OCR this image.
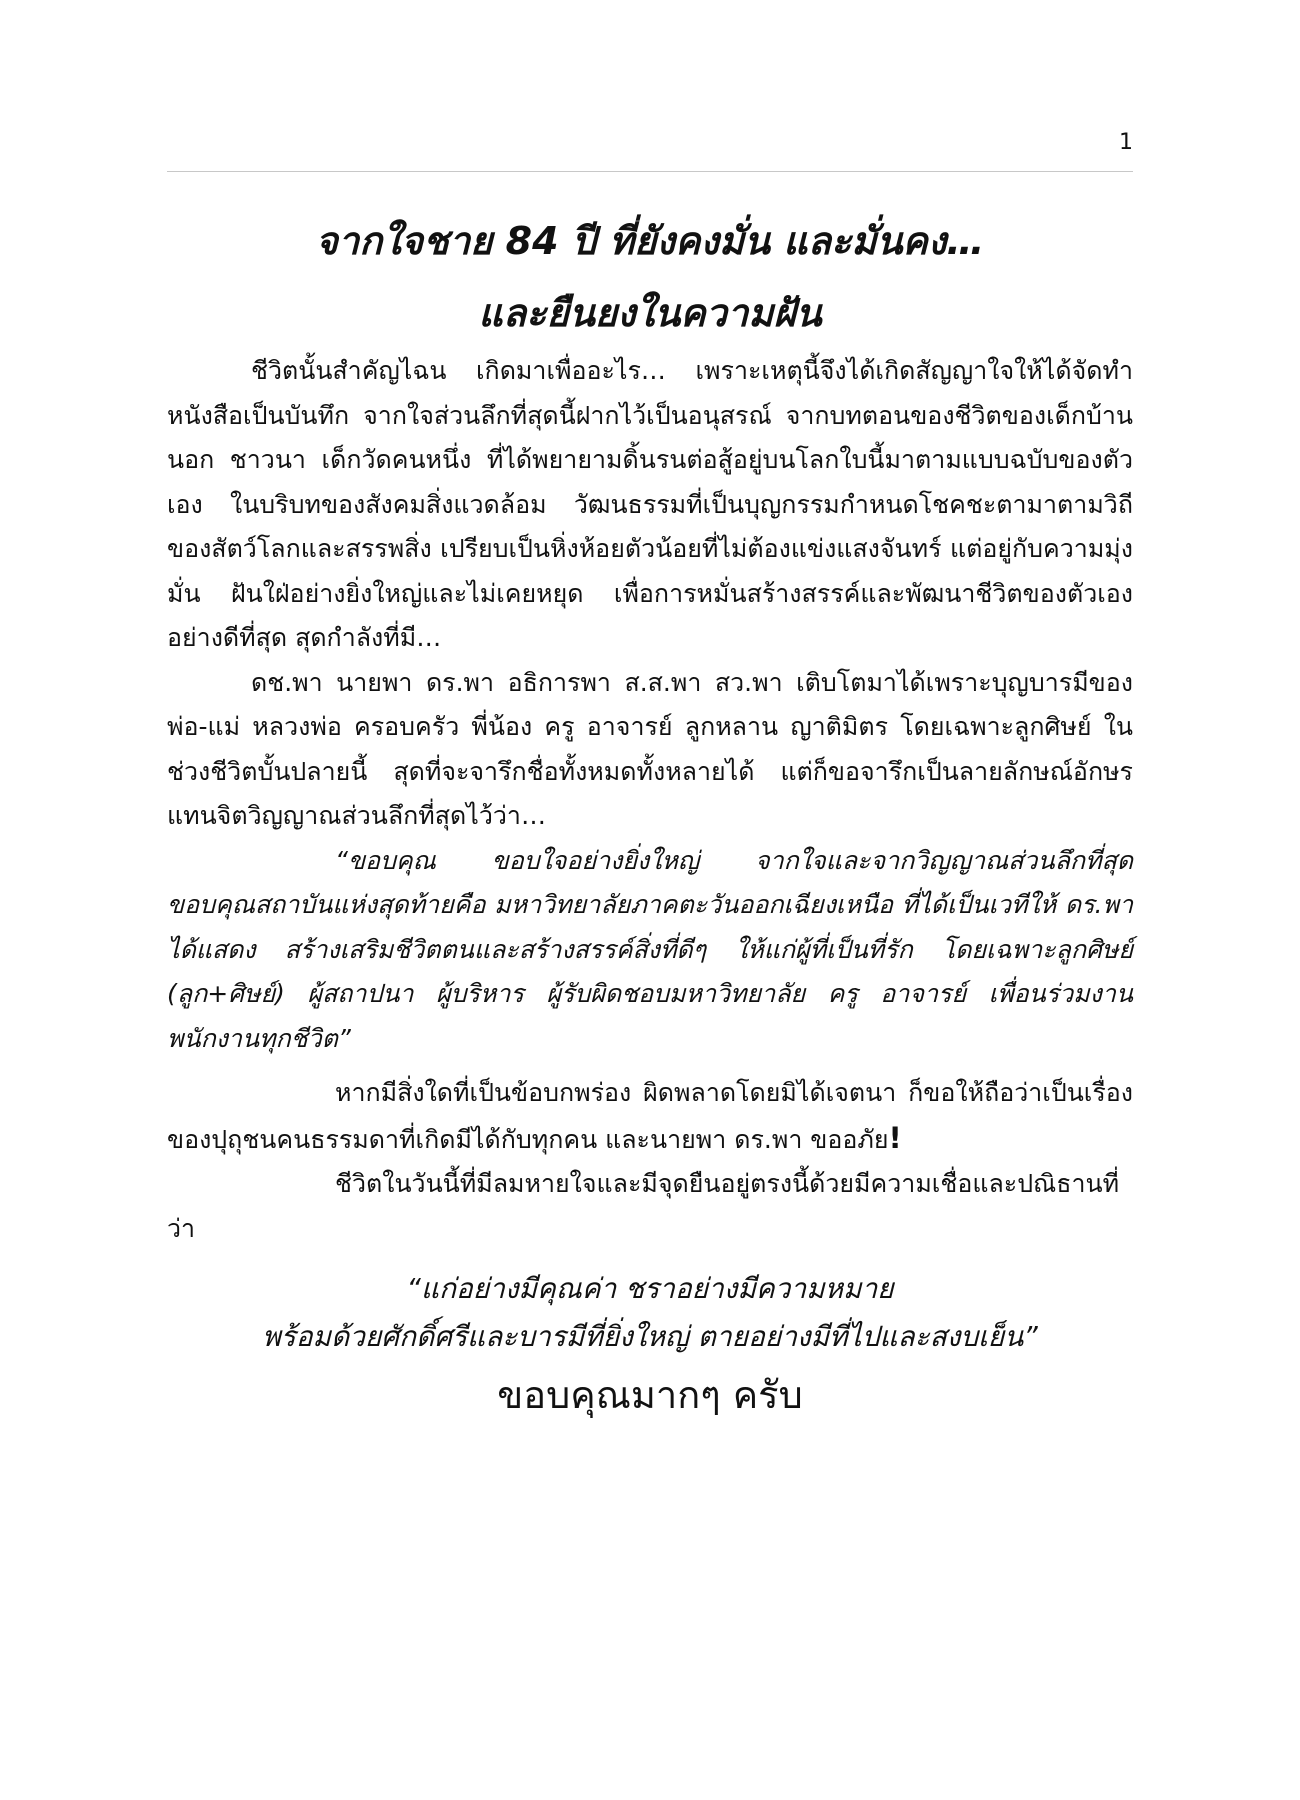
1
จากใจชาย 84 ปี ที่ยังคงมั่น และมั่นคง…
และยืนยงในความฝัน

ชีวิตนั้นสำคัญไฉน เกิดมาเพื่ออะไร… เพราะเหตุนี้จึงได้เกิดสัญญาใจให้ได้จัดทำหนังสือเป็นบันทึก จากใจส่วนลึกที่สุดนี้ฝากไว้เป็นอนุสรณ์ จากบทตอนของชีวิตของเด็กบ้านนอก ชาวนา เด็กวัดคนหนึ่ง ที่ได้พยายามดิ้นรนต่อสู้อยู่บนโลกใบนี้มาตามแบบฉบับของตัวเอง ในบริบทของสังคมสิ่งแวดล้อม วัฒนธรรมที่เป็นบุญกรรมกำหนดโชคชะตามาตามวิถีของสัตว์โลกและสรรพสิ่ง เปรียบเป็นหิ่งห้อยตัวน้อยที่ไม่ต้องแข่งแสงจันทร์ แต่อยู่กับความมุ่งมั่น ฝันใฝ่อย่างยิ่งใหญ่และไม่เคยหยุด เพื่อการหมั่นสร้างสรรค์และพัฒนาชีวิตของตัวเองอย่างดีที่สุด สุดกำลังที่มี…

ดช.พา นายพา ดร.พา อธิการพา ส.ส.พา สว.พา เติบโตมาได้เพราะบุญบารมีของพ่อ-แม่ หลวงพ่อ ครอบครัว พี่น้อง ครู อาจารย์ ลูกหลาน ญาติมิตร โดยเฉพาะลูกศิษย์ ในช่วงชีวิตบั้นปลายนี้ สุดที่จะจารึกชื่อทั้งหมดทั้งหลายได้ แต่ก็ขอจารึกเป็นลายลักษณ์อักษรแทนจิตวิญญาณส่วนลึกที่สุดไว้ว่า…

“ขอบคุณ ขอบใจอย่างยิ่งใหญ่ จากใจและจากวิญญาณส่วนลึกที่สุด ขอบคุณสถาบันแห่งสุดท้ายคือ มหาวิทยาลัยภาคตะวันออกเฉียงเหนือ ที่ได้เป็นเวทีให้ ดร.พา ได้แสดง สร้างเสริมชีวิตตนและสร้างสรรค์สิ่งที่ดีๆ ให้แก่ผู้ที่เป็นที่รัก โดยเฉพาะลูกศิษย์ (ลูก+ศิษย์) ผู้สถาปนา ผู้บริหาร ผู้รับผิดชอบมหาวิทยาลัย ครู อาจารย์ เพื่อนร่วมงาน พนักงานทุกชีวิต”

หากมีสิ่งใดที่เป็นข้อบกพร่อง ผิดพลาดโดยมิได้เจตนา ก็ขอให้ถือว่าเป็นเรื่องของปุถุชนคนธรรมดาที่เกิดมีได้กับทุกคน และนายพา ดร.พา ขออภัย!

ชีวิตในวันนี้ที่มีลมหายใจและมีจุดยืนอยู่ตรงนี้ด้วยมีความเชื่อและปณิธานที่ว่า

“แก่อย่างมีคุณค่า ชราอย่างมีความหมาย
พร้อมด้วยศักดิ์ศรีและบารมีที่ยิ่งใหญ่ ตายอย่างมีที่ไปและสงบเย็น”

ขอบคุณมากๆ ครับ
